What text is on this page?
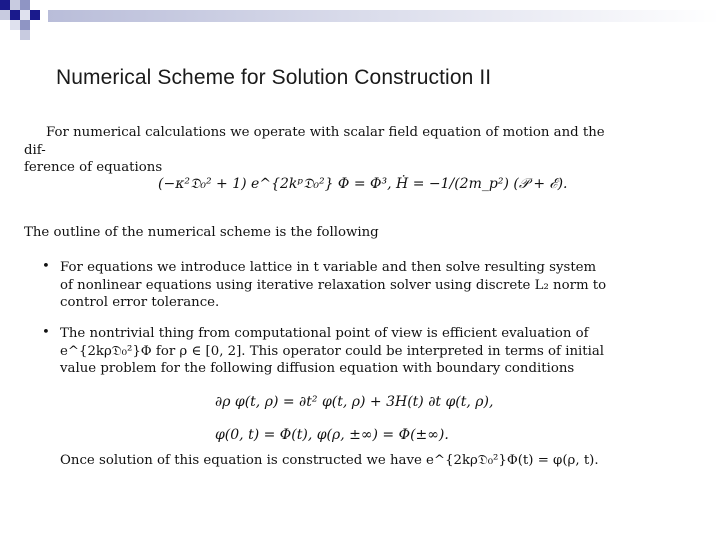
Numerical Scheme for Solution Construction II
For numerical calculations we operate with scalar field equation of motion and the dif-
ference of equations
(−κ²𝔇₀² + 1) e^{2kᵖ𝔇₀²} Φ = Φ³, Ḣ = −1/(2m_p²) (𝒫 + ℰ).
The outline of the numerical scheme is the following
• For equations we introduce lattice in t variable and then solve resulting system of nonlinear equations using iterative relaxation solver using discrete L₂ norm to control error tolerance.
• The nontrivial thing from computational point of view is efficient evaluation of e^{2kρ𝔇₀²}Φ for ρ ∈ [0, 2]. This operator could be interpreted in terms of initial value problem for the following diffusion equation with boundary conditions
∂ρ φ(t, ρ) = ∂t² φ(t, ρ) + 3H(t) ∂t φ(t, ρ),
φ(0, t) = Φ(t), φ(ρ, ±∞) = Φ(±∞).
Once solution of this equation is constructed we have e^{2kρ𝔇₀²}Φ(t) = φ(ρ, t).
